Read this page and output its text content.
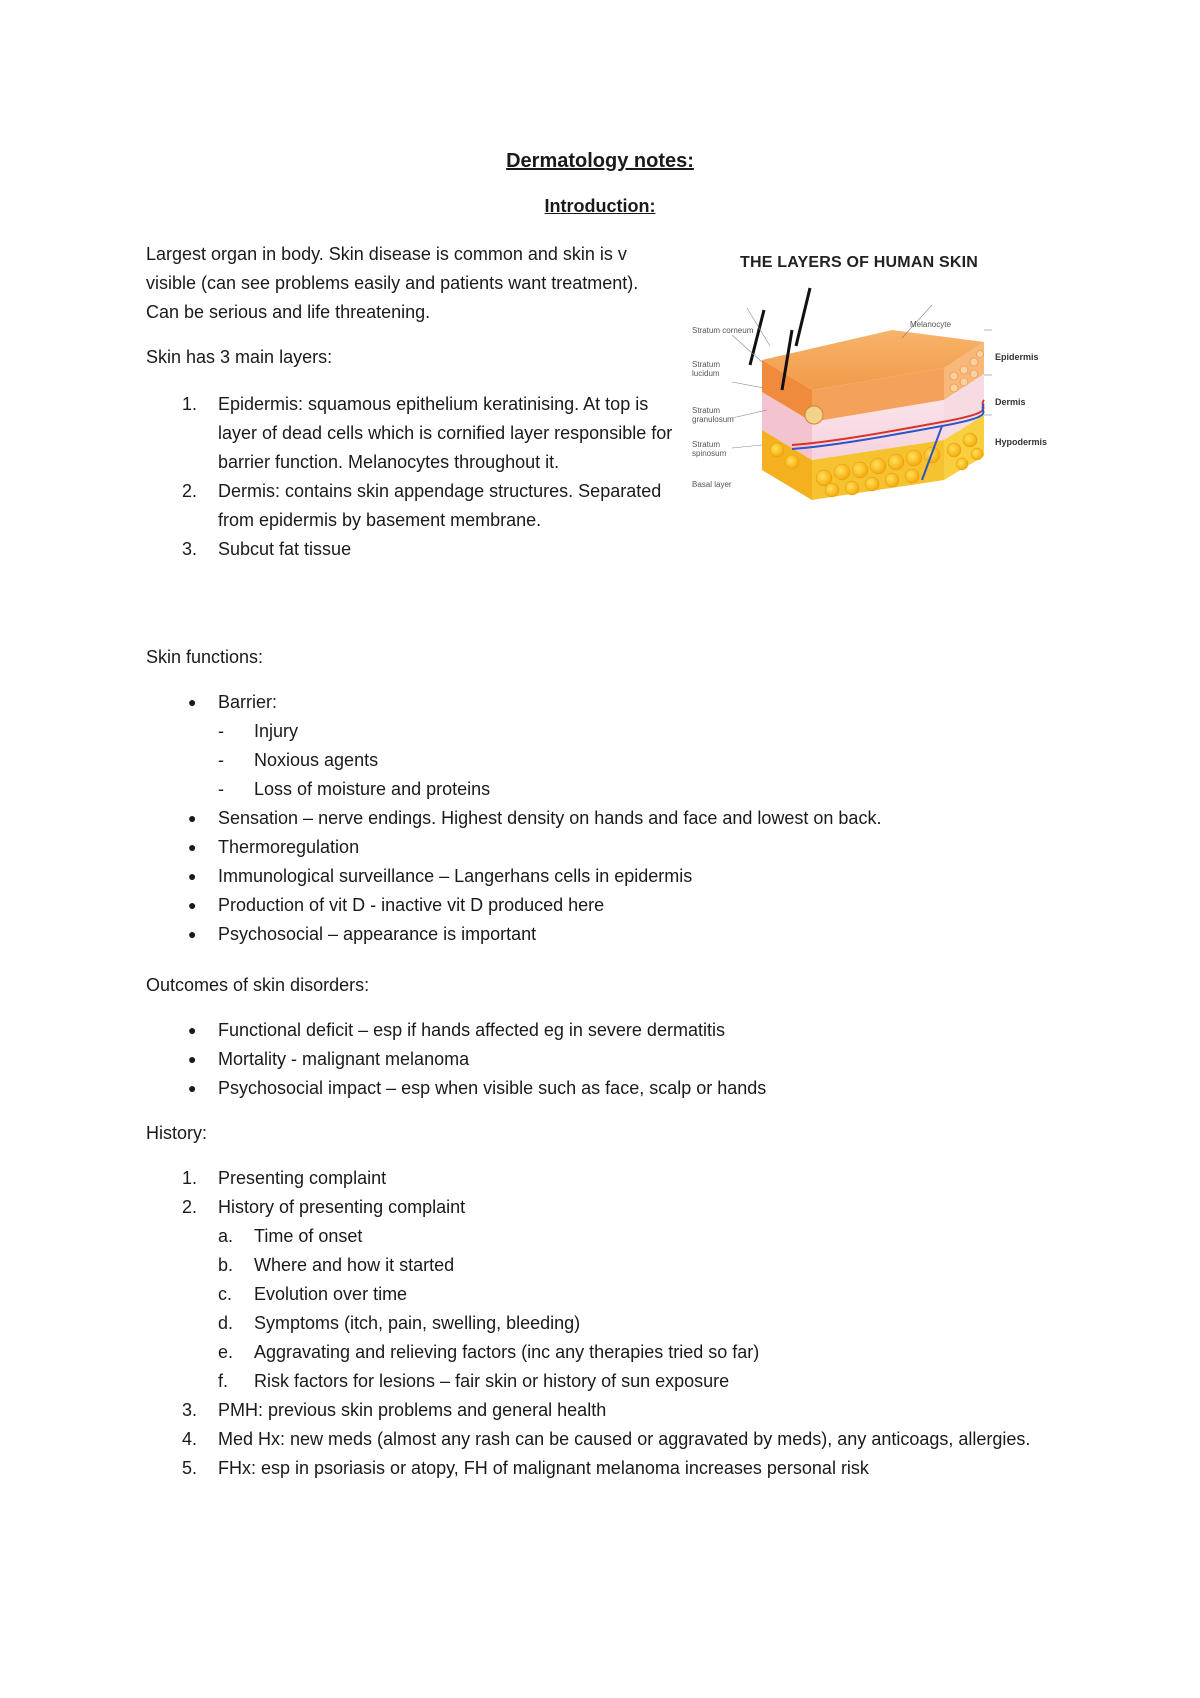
Dermatology notes:
Introduction:
Largest organ in body. Skin disease is common and skin is v visible (can see problems easily and patients want treatment). Can be serious and life threatening.
Skin has 3 main layers:
1. Epidermis: squamous epithelium keratinising. At top is layer of dead cells which is cornified layer responsible for barrier function. Melanocytes throughout it.
2. Dermis: contains skin appendage structures. Separated from epidermis by basement membrane.
3. Subcut fat tissue
THE LAYERS OF HUMAN SKIN
Stratum corneum
Stratum lucidum
Stratum granulosum
Stratum spinosum
Basal layer
Melanocyte
Epidermis
Dermis
Hypodermis
Skin functions:
● Barrier:
- Injury
- Noxious agents
- Loss of moisture and proteins
● Sensation – nerve endings. Highest density on hands and face and lowest on back.
● Thermoregulation
● Immunological surveillance – Langerhans cells in epidermis
● Production of vit D - inactive vit D produced here
● Psychosocial – appearance is important
Outcomes of skin disorders:
● Functional deficit – esp if hands affected eg in severe dermatitis
● Mortality - malignant melanoma
● Psychosocial impact – esp when visible such as face, scalp or hands
History:
1. Presenting complaint
2. History of presenting complaint
a. Time of onset
b. Where and how it started
c. Evolution over time
d. Symptoms (itch, pain, swelling, bleeding)
e. Aggravating and relieving factors (inc any therapies tried so far)
f. Risk factors for lesions – fair skin or history of sun exposure
3. PMH: previous skin problems and general health
4. Med Hx: new meds (almost any rash can be caused or aggravated by meds), any anticoags, allergies.
5. FHx: esp in psoriasis or atopy, FH of malignant melanoma increases personal risk
